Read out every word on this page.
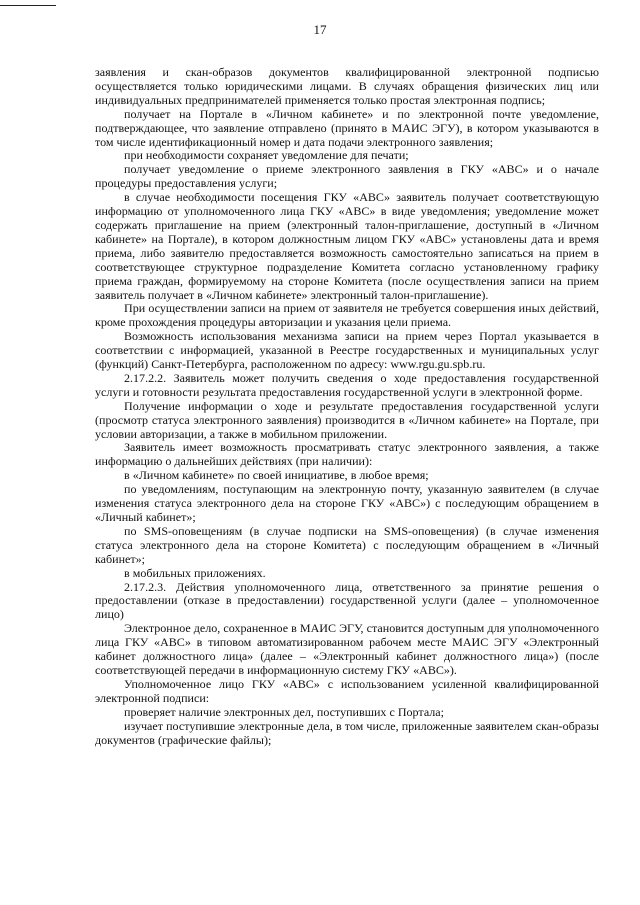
17

заявления и скан-образов документов квалифицированной электронной подписью осуществляется только юридическими лицами. В случаях обращения физических лиц или индивидуальных предпринимателей применяется только простая электронная подпись;

получает на Портале в «Личном кабинете» и по электронной почте уведомление, подтверждающее, что заявление отправлено (принято в МАИС ЭГУ), в котором указываются в том числе идентификационный номер и дата подачи электронного заявления;

при необходимости сохраняет уведомление для печати;

получает уведомление о приеме электронного заявления в ГКУ «АВС» и о начале процедуры предоставления услуги;

в случае необходимости посещения ГКУ «АВС» заявитель получает соответствующую информацию от уполномоченного лица ГКУ «АВС» в виде уведомления; уведомление может содержать приглашение на прием (электронный талон-приглашение, доступный в «Личном кабинете» на Портале), в котором должностным лицом ГКУ «АВС» установлены дата и время приема, либо заявителю предоставляется возможность самостоятельно записаться на прием в соответствующее структурное подразделение Комитета согласно установленному графику приема граждан, формируемому на стороне Комитета (после осуществления записи на прием заявитель получает в «Личном кабинете» электронный талон-приглашение).

При осуществлении записи на прием от заявителя не требуется совершения иных действий, кроме прохождения процедуры авторизации и указания цели приема.

Возможность использования механизма записи на прием через Портал указывается в соответствии с информацией, указанной в Реестре государственных и муниципальных услуг (функций) Санкт-Петербурга, расположенном по адресу: www.rgu.gu.spb.ru.

2.17.2.2. Заявитель может получить сведения о ходе предоставления государственной услуги и готовности результата предоставления государственной услуги в электронной форме.

Получение информации о ходе и результате предоставления государственной услуги (просмотр статуса электронного заявления) производится в «Личном кабинете» на Портале, при условии авторизации, а также в мобильном приложении.

Заявитель имеет возможность просматривать статус электронного заявления, а также информацию о дальнейших действиях (при наличии):

в «Личном кабинете» по своей инициативе, в любое время;

по уведомлениям, поступающим на электронную почту, указанную заявителем (в случае изменения статуса электронного дела на стороне ГКУ «АВС») с последующим обращением в «Личный кабинет»;

по SMS-оповещениям (в случае подписки на SMS-оповещения) (в случае изменения статуса электронного дела на стороне Комитета) с последующим обращением в «Личный кабинет»;

в мобильных приложениях.

2.17.2.3. Действия уполномоченного лица, ответственного за принятие решения о предоставлении (отказе в предоставлении) государственной услуги (далее – уполномоченное лицо)

Электронное дело, сохраненное в МАИС ЭГУ, становится доступным для уполномоченного лица ГКУ «АВС» в типовом автоматизированном рабочем месте МАИС ЭГУ «Электронный кабинет должностного лица» (далее – «Электронный кабинет должностного лица») (после соответствующей передачи в информационную систему ГКУ «АВС»).

Уполномоченное лицо ГКУ «АВС» с использованием усиленной квалифицированной электронной подписи:

проверяет наличие электронных дел, поступивших с Портала;

изучает поступившие электронные дела, в том числе, приложенные заявителем скан-образы документов (графические файлы);
